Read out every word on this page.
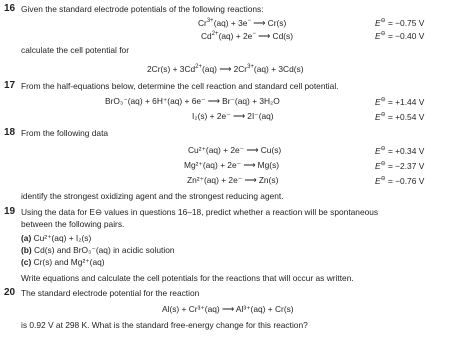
16 Given the standard electrode potentials of the following reactions:
$Cr^{3+}(aq) + 3e^-$ ⟶ Cr(s)	E⊖ = −0.75 V
$Cd^{2+}(aq) + 2e^-$ ⟶ Cd(s)	E⊖ = −0.40 V
calculate the cell potential for
$2Cr(s) + 3Cd^{2+}(aq)$ ⟶ $2Cr^{3+}(aq) + 3Cd(s)$
17 From the half-equations below, determine the cell reaction and standard cell potential.
BrO₃⁻(aq) + 6H⁺(aq) + 6e⁻ ⟶ Br⁻(aq) + 3H₂O	E⊖ = +1.44 V
I₂(s) + 2e⁻ ⟶ 2I⁻(aq)	E⊖ = +0.54 V
18 From the following data
Cu²⁺(aq) + 2e⁻ ⟶ Cu(s)	E⊖ = +0.34 V
Mg²⁺(aq) + 2e⁻ ⟶ Mg(s)	E⊖ = −2.37 V
Zn²⁺(aq) + 2e⁻ ⟶ Zn(s)	E⊖ = −0.76 V
identify the strongest oxidizing agent and the strongest reducing agent.
19 Using the data for E⊖ values in questions 16–18, predict whether a reaction will be spontaneous
between the following pairs.
(a) Cu²⁺(aq) + I₂(s)
(b) Cd(s) and BrO₃⁻(aq) in acidic solution
(c) Cr(s) and Mg²⁺(aq)
Write equations and calculate the cell potentials for the reactions that will occur as written.
20 The standard electrode potential for the reaction
Al(s) + Cr³⁺(aq) ⟶ Al³⁺(aq) + Cr(s)
is 0.92 V at 298 K. What is the standard free-energy change for this reaction?
